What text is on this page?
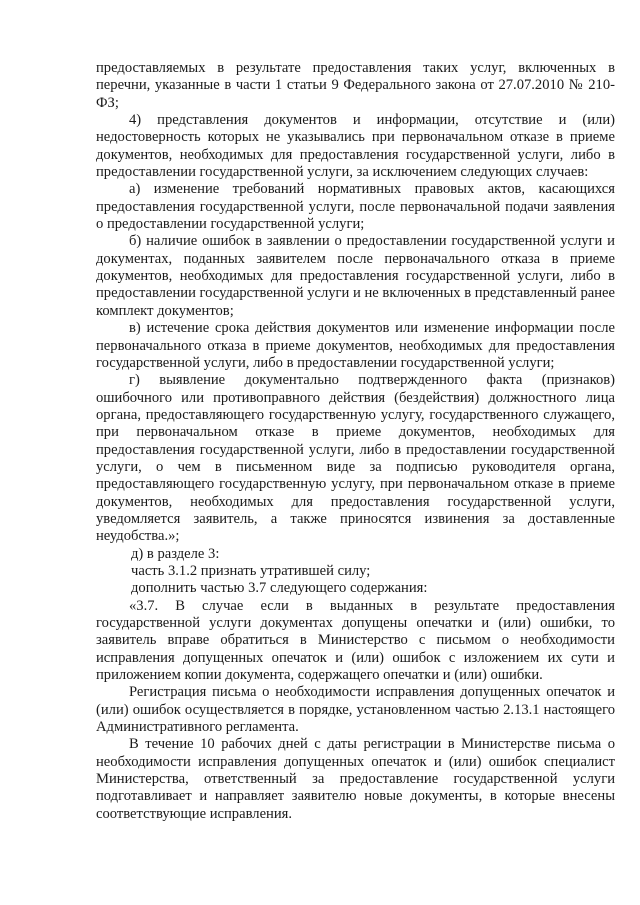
предоставляемых в результате предоставления таких услуг, включенных в перечни, указанные в части 1 статьи 9 Федерального закона от 27.07.2010 № 210-ФЗ;

4) представления документов и информации, отсутствие и (или) недостоверность которых не указывались при первоначальном отказе в приеме документов, необходимых для предоставления государственной услуги, либо в предоставлении государственной услуги, за исключением следующих случаев:

а) изменение требований нормативных правовых актов, касающихся предоставления государственной услуги, после первоначальной подачи заявления о предоставлении государственной услуги;

б) наличие ошибок в заявлении о предоставлении государственной услуги и документах, поданных заявителем после первоначального отказа в приеме документов, необходимых для предоставления государственной услуги, либо в предоставлении государственной услуги и не включенных в представленный ранее комплект документов;

в) истечение срока действия документов или изменение информации после первоначального отказа в приеме документов, необходимых для предоставления государственной услуги, либо в предоставлении государственной услуги;

г) выявление документально подтвержденного факта (признаков) ошибочного или противоправного действия (бездействия) должностного лица органа, предоставляющего государственную услугу, государственного служащего, при первоначальном отказе в приеме документов, необходимых для предоставления государственной услуги, либо в предоставлении государственной услуги, о чем в письменном виде за подписью руководителя органа, предоставляющего государственную услугу, при первоначальном отказе в приеме документов, необходимых для предоставления государственной услуги, уведомляется заявитель, а также приносятся извинения за доставленные неудобства.»;

д) в разделе 3:

часть 3.1.2 признать утратившей силу;

дополнить частью 3.7 следующего содержания:

«3.7. В случае если в выданных в результате предоставления государственной услуги документах допущены опечатки и (или) ошибки, то заявитель вправе обратиться в Министерство с письмом о необходимости исправления допущенных опечаток и (или) ошибок с изложением их сути и приложением копии документа, содержащего опечатки и (или) ошибки.

Регистрация письма о необходимости исправления допущенных опечаток и (или) ошибок осуществляется в порядке, установленном частью 2.13.1 настоящего Административного регламента.

В течение 10 рабочих дней с даты регистрации в Министерстве письма о необходимости исправления допущенных опечаток и (или) ошибок специалист Министерства, ответственный за предоставление государственной услуги подготавливает и направляет заявителю новые документы, в которые внесены соответствующие исправления.
